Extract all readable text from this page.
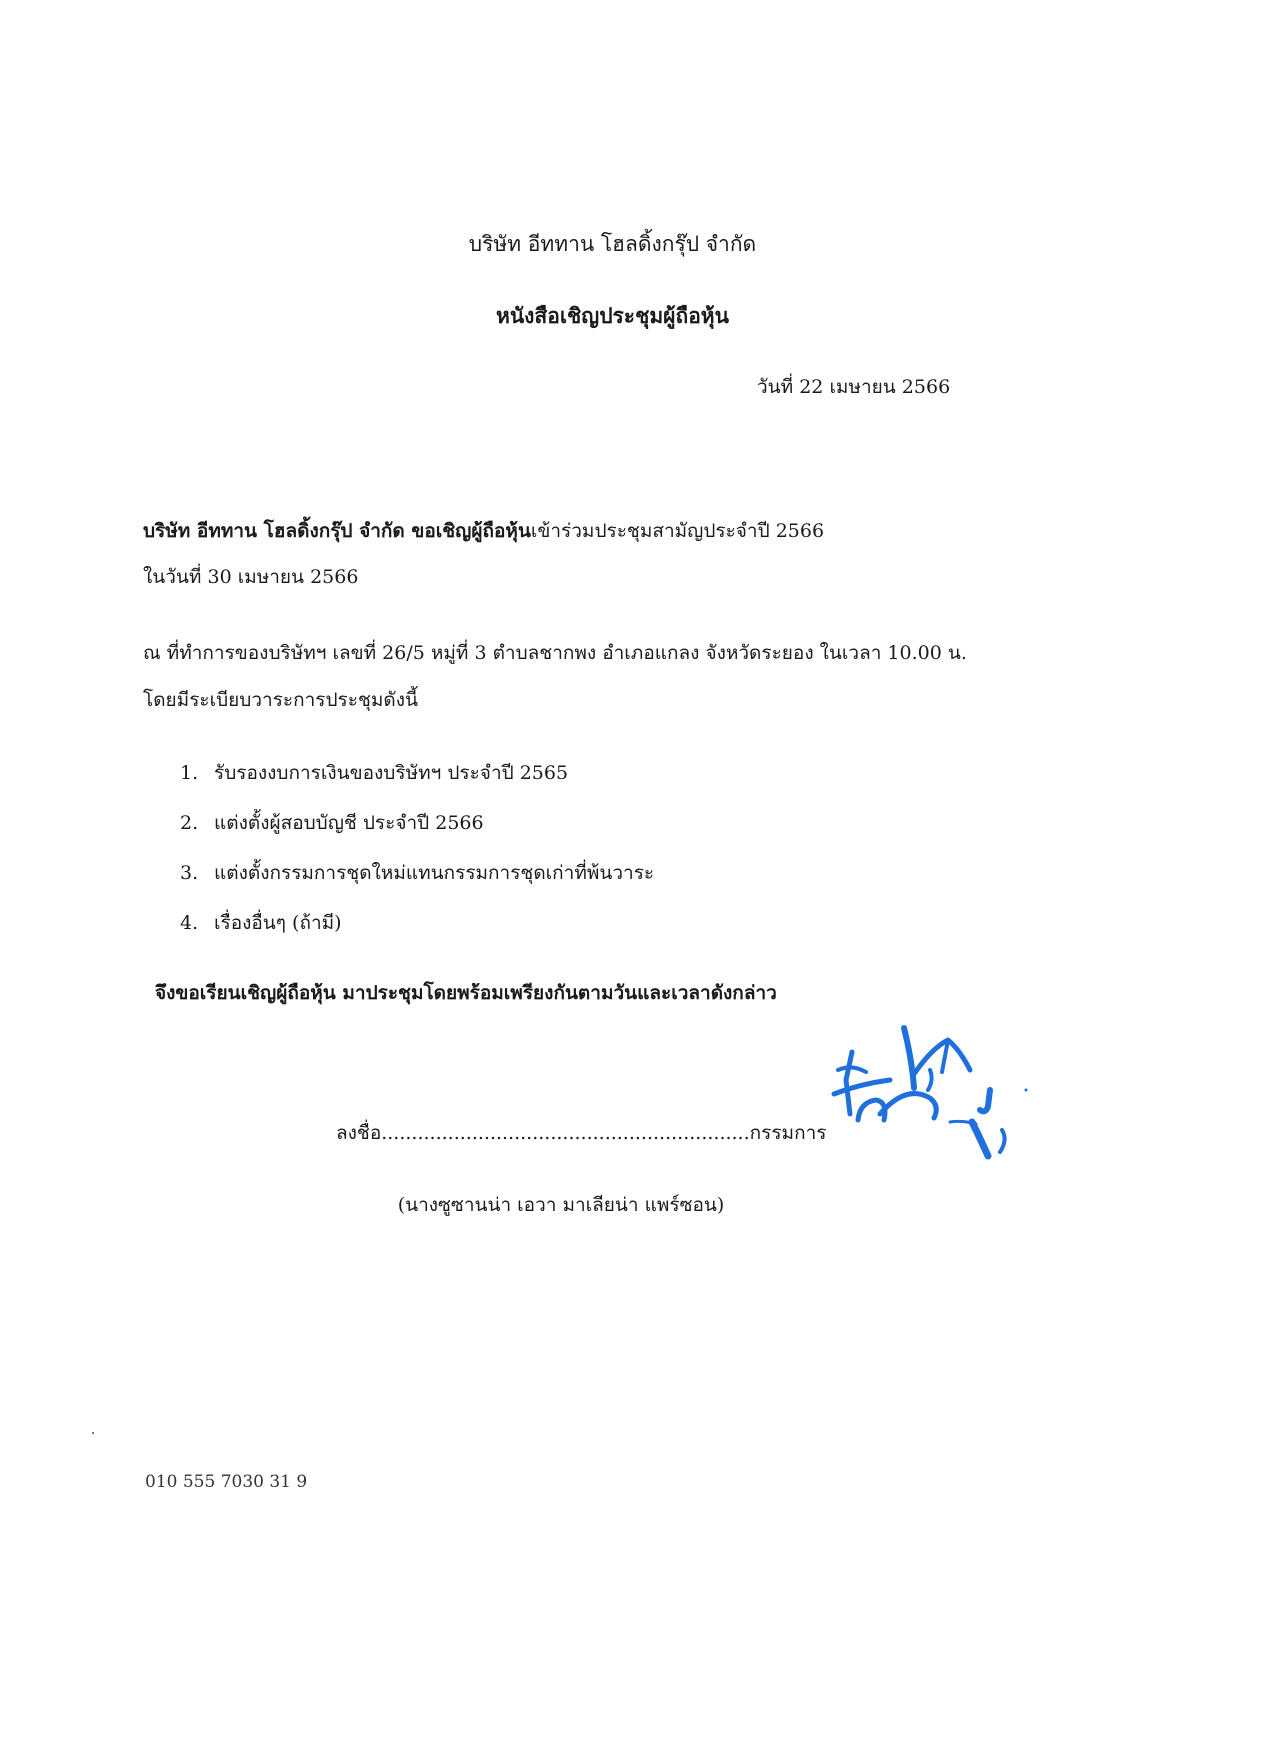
บริษัท อีททาน โฮลดิ้งกรุ๊ป จำกัด
หนังสือเชิญประชุมผู้ถือหุ้น
วันที่ 22 เมษายน 2566
บริษัท อีททาน โฮลดิ้งกรุ๊ป จำกัด ขอเชิญผู้ถือหุ้นเข้าร่วมประชุมสามัญประจำปี 2566
ในวันที่ 30 เมษายน 2566
ณ ที่ทำการของบริษัทฯ เลขที่ 26/5 หมู่ที่ 3 ตำบลชากพง อำเภอแกลง จังหวัดระยอง ในเวลา 10.00 น.
โดยมีระเบียบวาระการประชุมดังนี้
1. รับรองงบการเงินของบริษัทฯ ประจำปี 2565
2. แต่งตั้งผู้สอบบัญชี ประจำปี 2566
3. แต่งตั้งกรรมการชุดใหม่แทนกรรมการชุดเก่าที่พ้นวาระ
4. เรื่องอื่นๆ (ถ้ามี)
จึงขอเรียนเชิญผู้ถือหุ้น มาประชุมโดยพร้อมเพรียงกันตามวันและเวลาดังกล่าว
ลงชื่อ.............................................................กรรมการ
(นางซูซานน่า เอวา มาเลียน่า แพร์ซอน)
010 555 7030 31 9
